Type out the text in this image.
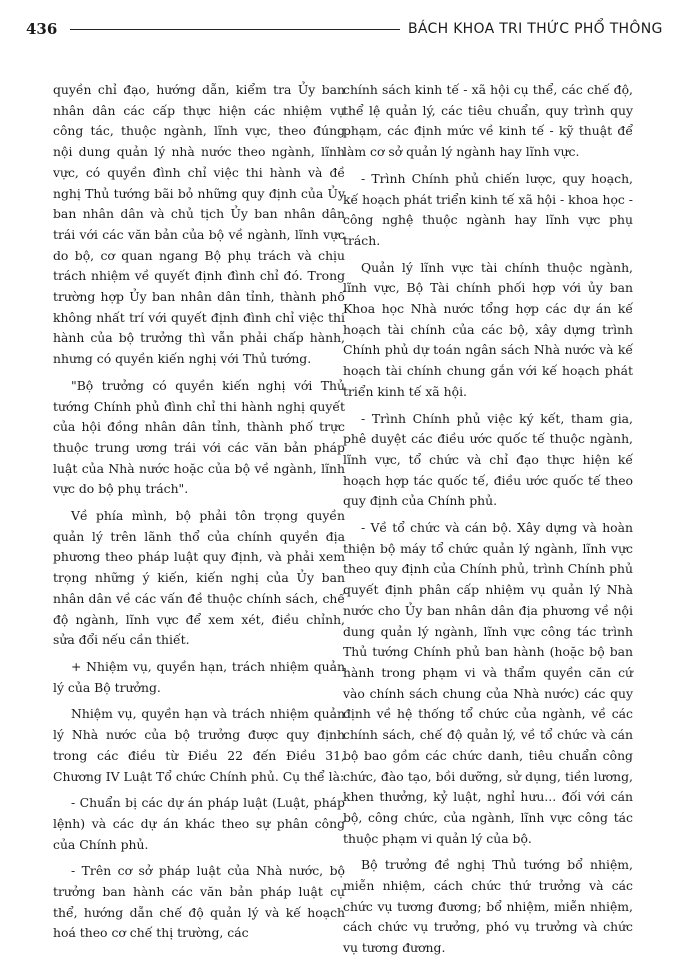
436	BÁCH KHOA TRI THỨC PHỔ THÔNG

quyền chỉ đạo, hướng dẫn, kiểm tra Ủy ban nhân dân các cấp thực hiện các nhiệm vụ công tác, thuộc ngành, lĩnh vực, theo đúng nội dung quản lý nhà nước theo ngành, lĩnh vực, có quyền đình chỉ việc thi hành và đề nghị Thủ tướng bãi bỏ những quy định của Ủy ban nhân dân và chủ tịch Ủy ban nhân dân trái với các văn bản của bộ về ngành, lĩnh vực do bộ, cơ quan ngang Bộ phụ trách và chịu trách nhiệm về quyết định đình chỉ đó. Trong trường hợp Ủy ban nhân dân tỉnh, thành phố không nhất trí với quyết định đình chỉ việc thi hành của bộ trưởng thì vẫn phải chấp hành, nhưng có quyền kiến nghị với Thủ tướng.

"Bộ trưởng có quyền kiến nghị với Thủ tướng Chính phủ đình chỉ thi hành nghị quyết của hội đồng nhân dân tỉnh, thành phố trực thuộc trung ương trái với các văn bản pháp luật của Nhà nước hoặc của bộ về ngành, lĩnh vực do bộ phụ trách".

Về phía mình, bộ phải tôn trọng quyền quản lý trên lãnh thổ của chính quyền địa phương theo pháp luật quy định, và phải xem trọng những ý kiến, kiến nghị của Ủy ban nhân dân về các vấn đề thuộc chính sách, chế độ ngành, lĩnh vực để xem xét, điều chỉnh, sửa đổi nếu cần thiết.

+ Nhiệm vụ, quyền hạn, trách nhiệm quản lý của Bộ trưởng.

Nhiệm vụ, quyền hạn và trách nhiệm quản lý Nhà nước của bộ trưởng được quy định trong các điều từ Điều 22 đến Điều 31, Chương IV Luật Tổ chức Chính phủ. Cụ thể là:

- Chuẩn bị các dự án pháp luật (Luật, pháp lệnh) và các dự án khác theo sự phân công của Chính phủ.

- Trên cơ sở pháp luật của Nhà nước, bộ trưởng ban hành các văn bản pháp luật cụ thể, hướng dẫn chế độ quản lý và kế hoạch hoá theo cơ chế thị trường, các

chính sách kinh tế - xã hội cụ thể, các chế độ, thể lệ quản lý, các tiêu chuẩn, quy trình quy phạm, các định mức về kinh tế - kỹ thuật để làm cơ sở quản lý ngành hay lĩnh vực.

- Trình Chính phủ chiến lược, quy hoạch, kế hoạch phát triển kinh tế xã hội - khoa học - công nghệ thuộc ngành hay lĩnh vực phụ trách.

Quản lý lĩnh vực tài chính thuộc ngành, lĩnh vực, Bộ Tài chính phối hợp với ủy ban Khoa học Nhà nước tổng hợp các dự án kế hoạch tài chính của các bộ, xây dựng trình Chính phủ dự toán ngân sách Nhà nước và kế hoạch tài chính chung gắn với kế hoạch phát triển kinh tế xã hội.

- Trình Chính phủ việc ký kết, tham gia, phê duyệt các điều ước quốc tế thuộc ngành, lĩnh vực, tổ chức và chỉ đạo thực hiện kế hoạch hợp tác quốc tế, điều ước quốc tế theo quy định của Chính phủ.

- Về tổ chức và cán bộ. Xây dựng và hoàn thiện bộ máy tổ chức quản lý ngành, lĩnh vực theo quy định của Chính phủ, trình Chính phủ quyết định phân cấp nhiệm vụ quản lý Nhà nước cho Ủy ban nhân dân địa phương về nội dung quản lý ngành, lĩnh vực công tác trình Thủ tướng Chính phủ ban hành (hoặc bộ ban hành trong phạm vi và thẩm quyền căn cứ vào chính sách chung của Nhà nước) các quy định về hệ thống tổ chức của ngành, về các chính sách, chế độ quản lý, về tổ chức và cán bộ bao gồm các chức danh, tiêu chuẩn công chức, đào tạo, bồi dưỡng, sử dụng, tiền lương, khen thưởng, kỷ luật, nghỉ hưu... đối với cán bộ, công chức, của ngành, lĩnh vực công tác thuộc phạm vi quản lý của bộ.

Bộ trưởng đề nghị Thủ tướng bổ nhiệm, miễn nhiệm, cách chức thứ trưởng và các chức vụ tương đương; bổ nhiệm, miễn nhiệm, cách chức vụ trưởng, phó vụ trưởng và chức vụ tương đương.
